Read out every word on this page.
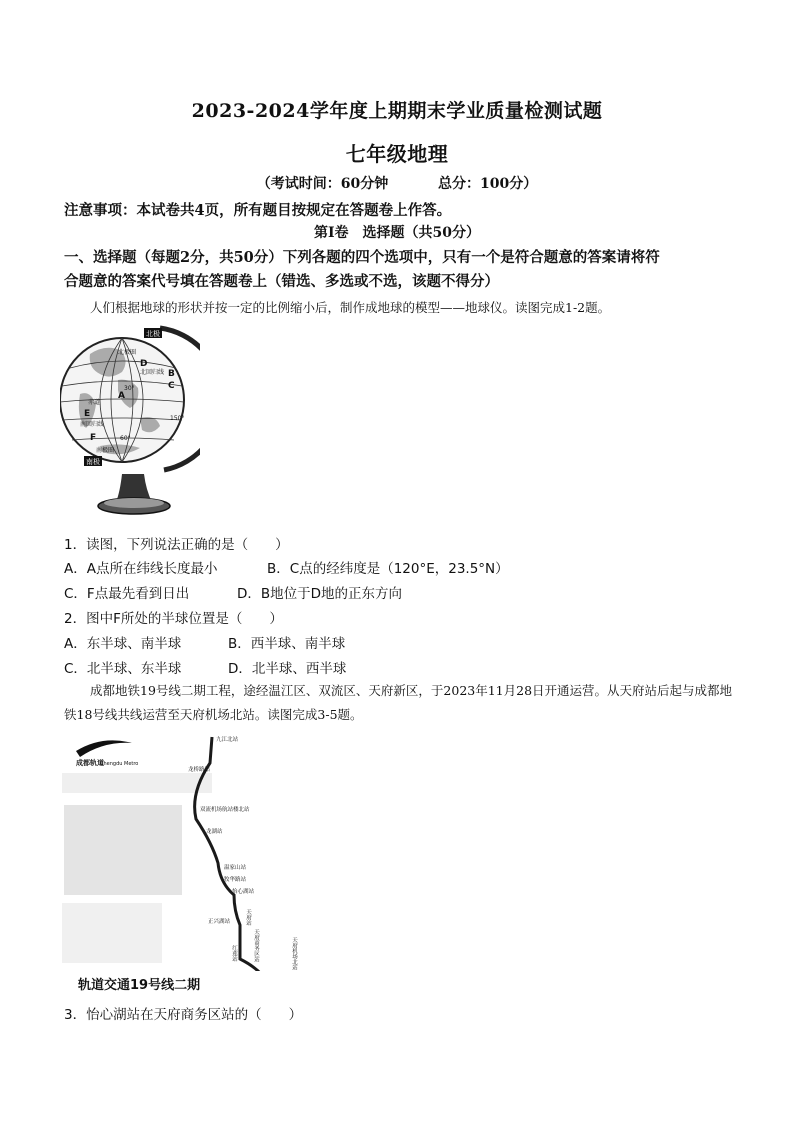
2023-2024学年度上期期末学业质量检测试题
七年级地理
（考试时间：60分钟	总分：100分）
注意事项：本试卷共4页，所有题目按规定在答题卷上作答。
第Ⅰ卷　选择题（共50分）
一、选择题（每题2分，共50分）下列各题的四个选项中，只有一个是符合题意的答案请将符
合题意的答案代号填在答题卷上（错选、多选或不选，该题不得分）
人们根据地球的形状并按一定的比例缩小后，制作成地球的模型——地球仪。读图完成1-2题。
北极
北极圈
北回归线
赤道
南回归线
南极圈
南极
D
B
C
A
E
F
30°
150°
60°
1．读图，下列说法正确的是（　　）
A．A点所在纬线长度最小	B．C点的经纬度是（120°E，23.5°N）
C．F点最先看到日出	D．B地位于D地的正东方向
2．图中F所处的半球位置是（　　）
A．东半球、南半球	B．西半球、南半球
C．北半球、东半球	D．北半球、西半球
成都地铁19号线二期工程，途经温江区、双流区、天府新区，于2023年11月28日开通运营。从天府站后起与成都地铁18号线共线运营至天府机场北站。读图完成3-5题。
成都轨道
Chengdu Metro
九江北站
龙桥路站
双流机场航站楼北站
龙湖站
温家山站
牧华路站
怡心湖站
正兴湖站
红莲站	天府商务区站
天府站
天府机场北站
轨道交通19号线二期
3．怡心湖站在天府商务区站的（　　）
